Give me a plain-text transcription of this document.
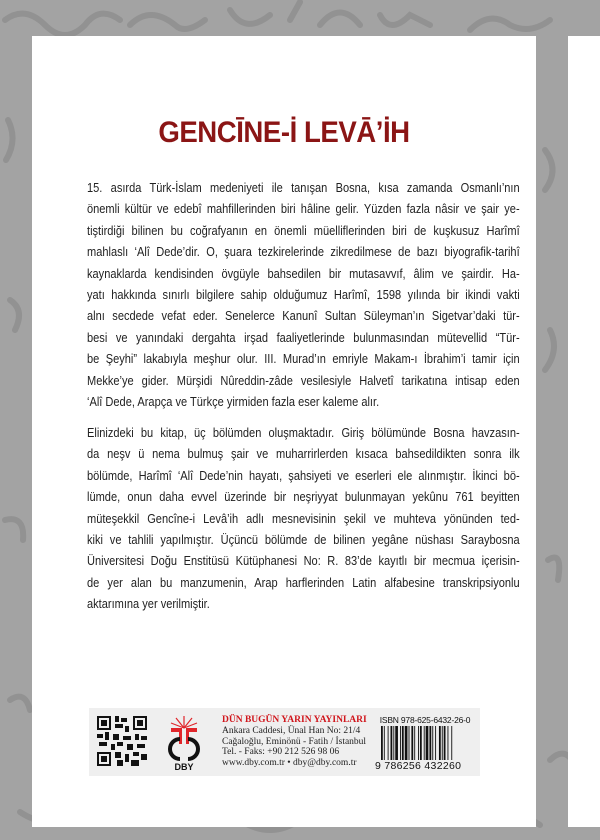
GENCĪNE-İ LEVĀ’İH
15. asırda Türk-İslam medeniyeti ile tanışan Bosna, kısa zamanda Osmanlı’nın
önemli kültür ve edebî mahfillerinden biri hâline gelir. Yüzden fazla nâsir ve şair ye-
tiştirdiği bilinen bu coğrafyanın en önemli müelliflerinden biri de kuşkusuz Harîmî
mahlaslı ‘Alî Dede’dir. O, şuara tezkirelerinde zikredilmese de bazı biyografik-tarihî
kaynaklarda kendisinden övgüyle bahsedilen bir mutasavvıf, âlim ve şairdir. Ha-
yatı hakkında sınırlı bilgilere sahip olduğumuz Harîmî, 1598 yılında bir ikindi vakti
alnı secdede vefat eder. Senelerce Kanunî Sultan Süleyman’ın Sigetvar’daki tür-
besi ve yanındaki dergahta irşad faaliyetlerinde bulunmasından mütevellid “Tür-
be Şeyhi” lakabıyla meşhur olur. III. Murad’ın emriyle Makam-ı İbrahim’i tamir için
Mekke’ye gider. Mürşidi Nûreddin-zâde vesilesiyle Halvetî tarikatına intisap eden
‘Alî Dede, Arapça ve Türkçe yirmiden fazla eser kaleme alır.
Elinizdeki bu kitap, üç bölümden oluşmaktadır. Giriş bölümünde Bosna havzasın-
da neşv ü nema bulmuş şair ve muharrirlerden kısaca bahsedildikten sonra ilk
bölümde, Harîmî ‘Alî Dede’nin hayatı, şahsiyeti ve eserleri ele alınmıştır. İkinci bö-
lümde, onun daha evvel üzerinde bir neşriyyat bulunmayan yekûnu 761 beyitten
müteşekkil Gencîne-i Levâ’ih adlı mesnevisinin şekil ve muhteva yönünden ted-
kiki ve tahlili yapılmıştır. Üçüncü bölümde de bilinen yegâne nüshası Saraybosna
Üniversitesi Doğu Enstitüsü Kütüphanesi No: R. 83’de kayıtlı bir mecmua içerisin-
de yer alan bu manzumenin, Arap harflerinden Latin alfabesine transkripsiyonlu
aktarımına yer verilmiştir.
DBY
DÜN BUGÜN YARIN YAYINLARI
Ankara Caddesi, Ünal Han No: 21/4
Cağaloğlu, Eminönü - Fatih / İstanbul
Tel. - Faks: +90 212 526 98 06
www.dby.com.tr • dby@dby.com.tr
ISBN 978-625-6432-26-0
9 786256 432260
